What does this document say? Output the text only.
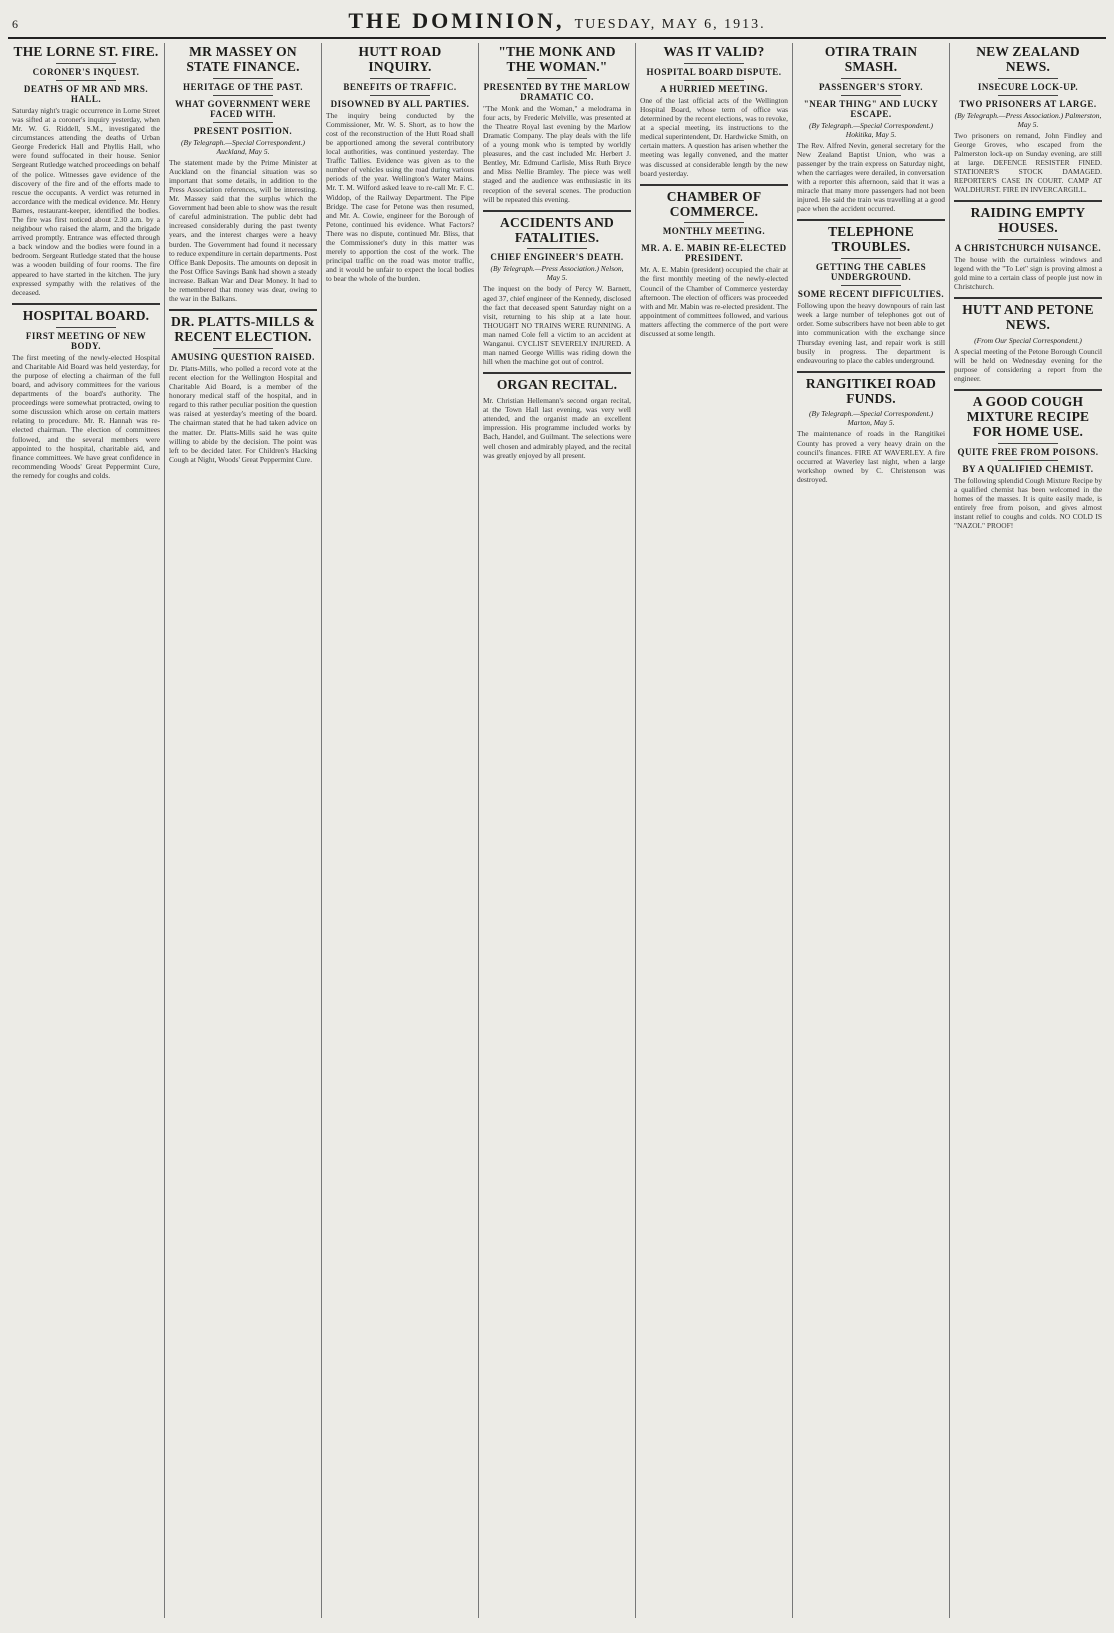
6	THE DOMINION, TUESDAY, MAY 6, 1913.
THE LORNE ST. FIRE.
CORONER'S INQUEST.
DEATHS OF MR AND MRS. HALL.

Saturday night's tragic occurrence in Lorne Street was sifted at a coroner's inquiry yesterday, when Mr. W. G. Riddell, S.M., investigated the circumstances attending the deaths of Urban George Frederick Hall and Phyllis Hall, who were found suffocated in their house. Senior Sergeant Rutledge watched proceedings on behalf of the police. Witnesses gave evidence of the discovery of the fire and of the efforts made to rescue the occupants. A verdict was returned in accordance with the medical evidence. Mr. Henry Barnes, restaurant-keeper, identified the bodies. The fire was first noticed about 2.30 a.m. by a neighbour who raised the alarm, and the brigade arrived promptly. Entrance was effected through a back window and the bodies were found in a bedroom. Sergeant Rutledge stated that the house was a wooden building of four rooms. The fire appeared to have started in the kitchen. The jury expressed sympathy with the relatives of the deceased.

HOSPITAL BOARD.
FIRST MEETING OF NEW BODY.

The first meeting of the newly-elected Hospital and Charitable Aid Board was held yesterday, for the purpose of electing a chairman of the full board, and advisory committees for the various departments of the board's authority. The proceedings were somewhat protracted, owing to some discussion which arose on certain matters relating to procedure. Mr. R. Hannah was re-elected chairman. The election of committees followed, and the several members were appointed to the hospital, charitable aid, and finance committees. We have great confidence in recommending Woods' Great Peppermint Cure, the remedy for coughs and colds.

MR MASSEY ON STATE FINANCE.
HERITAGE OF THE PAST.
WHAT GOVERNMENT WERE FACED WITH.
PRESENT POSITION.
(By Telegraph.—Special Correspondent.) Auckland, May 5.

The statement made by the Prime Minister at Auckland on the financial situation was so important that some details, in addition to the Press Association references, will be interesting. Mr. Massey said that the surplus which the Government had been able to show was the result of careful administration. The public debt had increased considerably during the past twenty years, and the interest charges were a heavy burden. The Government had found it necessary to reduce expenditure in certain departments. Post Office Bank Deposits. The amounts on deposit in the Post Office Savings Bank had shown a steady increase. Balkan War and Dear Money. It had to be remembered that money was dear, owing to the war in the Balkans.

DR. PLATTS-MILLS & RECENT ELECTION.
AMUSING QUESTION RAISED.

Dr. Platts-Mills, who polled a record vote at the recent election for the Wellington Hospital and Charitable Aid Board, is a member of the honorary medical staff of the hospital, and in regard to this rather peculiar position the question was raised at yesterday's meeting of the board. The chairman stated that he had taken advice on the matter. Dr. Platts-Mills said he was quite willing to abide by the decision. The point was left to be decided later. For Children's Hacking Cough at Night, Woods' Great Peppermint Cure.

HUTT ROAD INQUIRY.
BENEFITS OF TRAFFIC.
DISOWNED BY ALL PARTIES.

The inquiry being conducted by the Commissioner, Mr. W. S. Short, as to how the cost of the reconstruction of the Hutt Road shall be apportioned among the several contributory local authorities, was continued yesterday. The Traffic Tallies. Evidence was given as to the number of vehicles using the road during various periods of the year. Wellington's Water Mains. Mr. T. M. Wilford asked leave to re-call Mr. F. C. Widdop, of the Railway Department. The Pipe Bridge. The case for Petone was then resumed, and Mr. A. Cowie, engineer for the Borough of Petone, continued his evidence. What Factors? There was no dispute, continued Mr. Bliss, that the Commissioner's duty in this matter was merely to apportion the cost of the work. The principal traffic on the road was motor traffic, and it would be unfair to expect the local bodies to bear the whole of the burden.

"THE MONK AND THE WOMAN."
PRESENTED BY THE MARLOW DRAMATIC CO.

"The Monk and the Woman," a melodrama in four acts, by Frederic Melville, was presented at the Theatre Royal last evening by the Marlow Dramatic Company. The play deals with the life of a young monk who is tempted by worldly pleasures, and the cast included Mr. Herbert J. Bentley, Mr. Edmund Carlisle, Miss Ruth Bryce and Miss Nellie Bramley. The piece was well staged and the audience was enthusiastic in its reception of the several scenes. The production will be repeated this evening.

ACCIDENTS AND FATALITIES.
CHIEF ENGINEER'S DEATH.
(By Telegraph.—Press Association.) Nelson, May 5.

The inquest on the body of Percy W. Barnett, aged 37, chief engineer of the Kennedy, disclosed the fact that deceased spent Saturday night on a visit, returning to his ship at a late hour. THOUGHT NO TRAINS WERE RUNNING. A man named Cole fell a victim to an accident at Wanganui. CYCLIST SEVERELY INJURED. A man named George Willis was riding down the hill when the machine got out of control.

ORGAN RECITAL.

Mr. Christian Hellemann's second organ recital, at the Town Hall last evening, was very well attended, and the organist made an excellent impression. His programme included works by Bach, Handel, and Guilmant. The selections were well chosen and admirably played, and the recital was greatly enjoyed by all present.

WAS IT VALID?
HOSPITAL BOARD DISPUTE.
A HURRIED MEETING.

One of the last official acts of the Wellington Hospital Board, whose term of office was determined by the recent elections, was to revoke, at a special meeting, its instructions to the medical superintendent, Dr. Hardwicke Smith, on certain matters. A question has arisen whether the meeting was legally convened, and the matter was discussed at considerable length by the new board yesterday.

CHAMBER OF COMMERCE.
MONTHLY MEETING.
MR. A. E. MABIN RE-ELECTED PRESIDENT.

Mr. A. E. Mabin (president) occupied the chair at the first monthly meeting of the newly-elected Council of the Chamber of Commerce yesterday afternoon. The election of officers was proceeded with and Mr. Mabin was re-elected president. The appointment of committees followed, and various matters affecting the commerce of the port were discussed at some length.

OTIRA TRAIN SMASH.
PASSENGER'S STORY.
"NEAR THING" AND LUCKY ESCAPE.
(By Telegraph.—Special Correspondent.) Hokitika, May 5.

The Rev. Alfred Nevin, general secretary for the New Zealand Baptist Union, who was a passenger by the train express on Saturday night, when the carriages were derailed, in conversation with a reporter this afternoon, said that it was a miracle that many more passengers had not been injured. He said the train was travelling at a good pace when the accident occurred.

TELEPHONE TROUBLES.
GETTING THE CABLES UNDERGROUND.
SOME RECENT DIFFICULTIES.

Following upon the heavy downpours of rain last week a large number of telephones got out of order. Some subscribers have not been able to get into communication with the exchange since Thursday evening last, and repair work is still busily in progress. The department is endeavouring to place the cables underground.

RANGITIKEI ROAD FUNDS.
(By Telegraph.—Special Correspondent.) Marton, May 5.

The maintenance of roads in the Rangitikei County has proved a very heavy drain on the council's finances. FIRE AT WAVERLEY. A fire occurred at Waverley last night, when a large workshop owned by C. Christenson was destroyed.

NEW ZEALAND NEWS.
INSECURE LOCK-UP.
TWO PRISONERS AT LARGE.
(By Telegraph.—Press Association.) Palmerston, May 5.

Two prisoners on remand, John Findley and George Groves, who escaped from the Palmerston lock-up on Sunday evening, are still at large. DEFENCE RESISTER FINED. STATIONER'S STOCK DAMAGED. REPORTER'S CASE IN COURT. CAMP AT WALDHURST. FIRE IN INVERCARGILL.

RAIDING EMPTY HOUSES.
A CHRISTCHURCH NUISANCE.

The house with the curtainless windows and legend with the "To Let" sign is proving almost a gold mine to a certain class of people just now in Christchurch.

HUTT AND PETONE NEWS.
(From Our Special Correspondent.)

A special meeting of the Petone Borough Council will be held on Wednesday evening for the purpose of considering a report from the engineer.

A GOOD COUGH MIXTURE RECIPE FOR HOME USE.
QUITE FREE FROM POISONS.
BY A QUALIFIED CHEMIST.

The following splendid Cough Mixture Recipe by a qualified chemist has been welcomed in the homes of the masses. It is quite easily made, is entirely free from poison, and gives almost instant relief to coughs and colds. NO COLD IS "NAZOL" PROOF!
